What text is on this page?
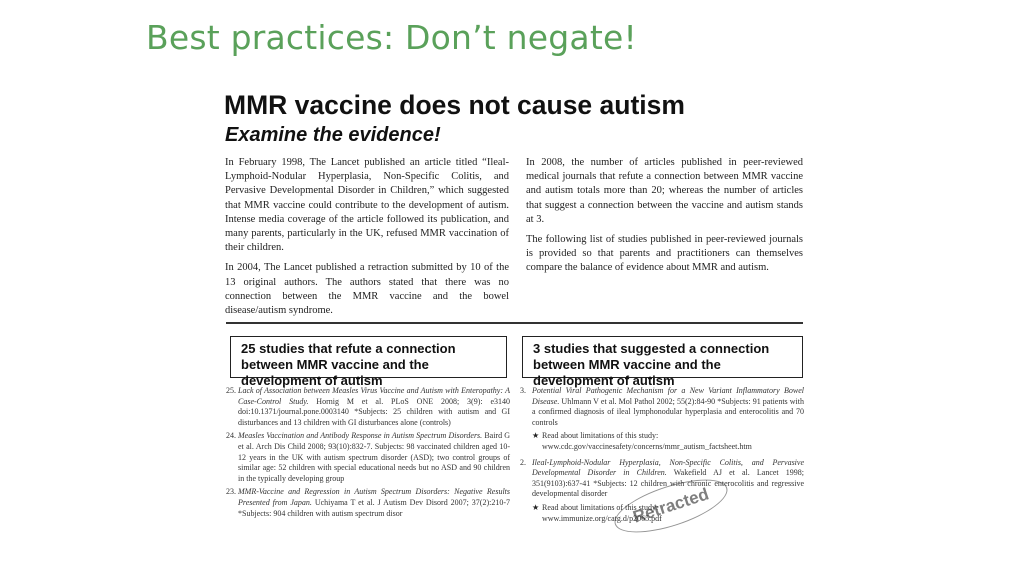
Best practices: Don’t negate!
MMR vaccine does not cause autism
Examine the evidence!

In February 1998, The Lancet published an article titled “Ileal-Lymphoid-Nodular Hyperplasia, Non-Specific Colitis, and Pervasive Developmental Disorder in Children,” which suggested that MMR vaccine could contribute to the development of autism. Intense media coverage of the article followed its publication, and many parents, particularly in the UK, refused MMR vaccination of their children.

In 2004, The Lancet published a retraction submitted by 10 of the 13 original authors. The authors stated that there was no connection between the MMR vaccine and the bowel disease/autism syndrome.

In 2008, the number of articles published in peer-reviewed medical journals that refute a connection between MMR vaccine and autism totals more than 20; whereas the number of articles that suggest a connection between the vaccine and autism stands at 3.

The following list of studies published in peer-reviewed journals is provided so that parents and practitioners can themselves compare the balance of evidence about MMR and autism.

25 studies that refute a connection between MMR vaccine and the development of autism
3 studies that suggested a connection between MMR vaccine and the development of autism
25. Lack of Association between Measles Virus Vaccine and Autism with Enteropathy: A Case-Control Study. Hornig M et al. PLoS ONE 2008; 3(9): e3140 doi:10.1371/journal.pone.0003140 *Subjects: 25 children with autism and GI disturbances and 13 children with GI disturbances alone (controls)
24. Measles Vaccination and Antibody Response in Autism Spectrum Disorders. Baird G et al. Arch Dis Child 2008; 93(10):832-7. Subjects: 98 vaccinated children aged 10-12 years in the UK with autism spectrum disorder (ASD); two control groups of similar age: 52 children with special educational needs but no ASD and 90 children in the typically developing group
23. MMR-Vaccine and Regression in Autism Spectrum Disorders: Negative Results Presented from Japan. Uchiyama T et al. J Autism Dev Disord 2007; 37(2):210-7 *Subjects: 904 children with autism spectrum disor
3. Potential Viral Pathogenic Mechanism for a New Variant Inflammatory Bowel Disease. Uhlmann V et al. Mol Pathol 2002; 55(2):84-90 *Subjects: 91 patients with a confirmed diagnosis of ileal lymphonodular hyperplasia and enterocolitis and 70 controls
★ Read about limitations of this study:
www.cdc.gov/vaccinesafety/concerns/mmr_autism_factsheet.htm
2. Ileal-Lymphoid-Nodular Hyperplasia, Non-Specific Colitis, and Pervasive Developmental Disorder in Children. Wakefield AJ et al. Lancet 1998; 351(9103):637-41 *Subjects: 12 children with chronic enterocolitis and regressive developmental disorder
★ Read about limitations of this study:
www.immunize.org/catg.d/p2065.pdf
Retracted
